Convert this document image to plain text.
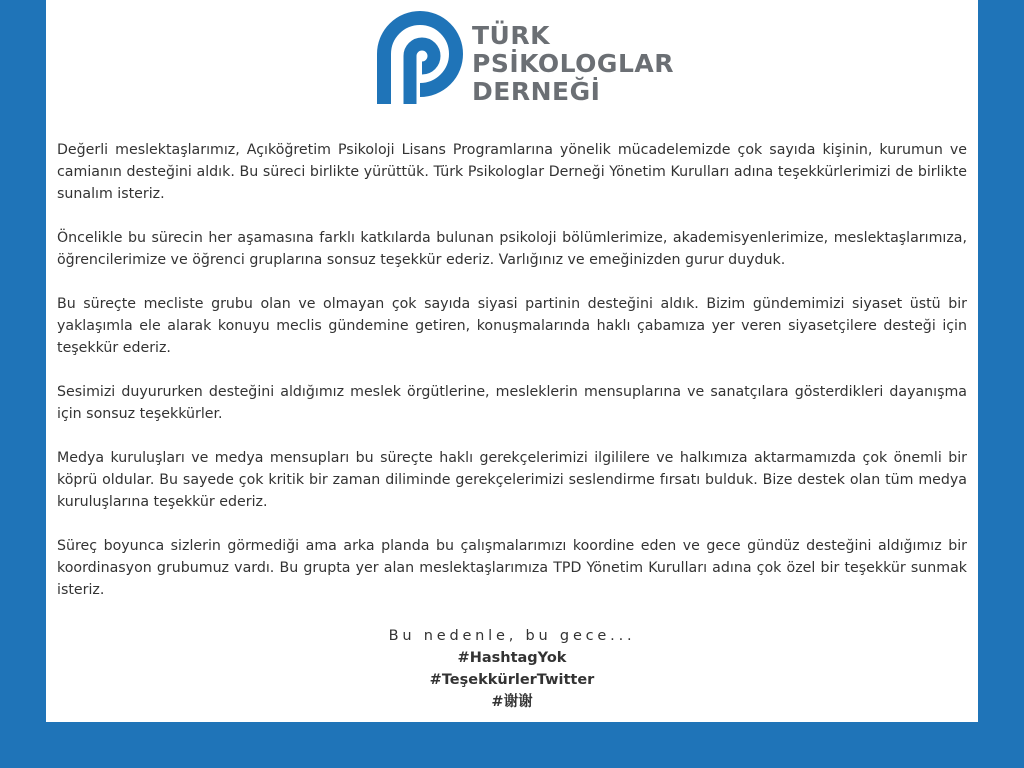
TÜRK
PSİKOLOGLAR
DERNEĞİ

Değerli meslektaşlarımız, Açıköğretim Psikoloji Lisans Programlarına yönelik mücadelemizde çok sayıda kişinin, kurumun ve camianın desteğini aldık. Bu süreci birlikte yürüttük. Türk Psikologlar Derneği Yönetim Kurulları adına teşekkürlerimizi de birlikte sunalım isteriz.

Öncelikle bu sürecin her aşamasına farklı katkılarda bulunan psikoloji bölümlerimize, akademisyenlerimize, meslektaşlarımıza, öğrencilerimize ve öğrenci gruplarına sonsuz teşekkür ederiz. Varlığınız ve emeğinizden gurur duyduk.

Bu süreçte mecliste grubu olan ve olmayan çok sayıda siyasi partinin desteğini aldık. Bizim gündemimizi siyaset üstü bir yaklaşımla ele alarak konuyu meclis gündemine getiren, konuşmalarında haklı çabamıza yer veren siyasetçilere desteği için teşekkür ederiz.

Sesimizi duyururken desteğini aldığımız meslek örgütlerine, mesleklerin mensuplarına ve sanatçılara gösterdikleri dayanışma için sonsuz teşekkürler.

Medya kuruluşları ve medya mensupları bu süreçte haklı gerekçelerimizi ilgililere ve halkımıza aktarmamızda çok önemli bir köprü oldular. Bu sayede çok kritik bir zaman diliminde gerekçelerimizi seslendirme fırsatı bulduk. Bize destek olan tüm medya kuruluşlarına teşekkür ederiz.

Süreç boyunca sizlerin görmediği ama arka planda bu çalışmalarımızı koordine eden ve gece gündüz desteğini aldığımız bir koordinasyon grubumuz vardı. Bu grupta yer alan meslektaşlarımıza TPD Yönetim Kurulları adına çok özel bir teşekkür sunmak isteriz.

Bu nedenle, bu gece...
#HashtagYok
#TeşekkürlerTwitter
#谢谢
